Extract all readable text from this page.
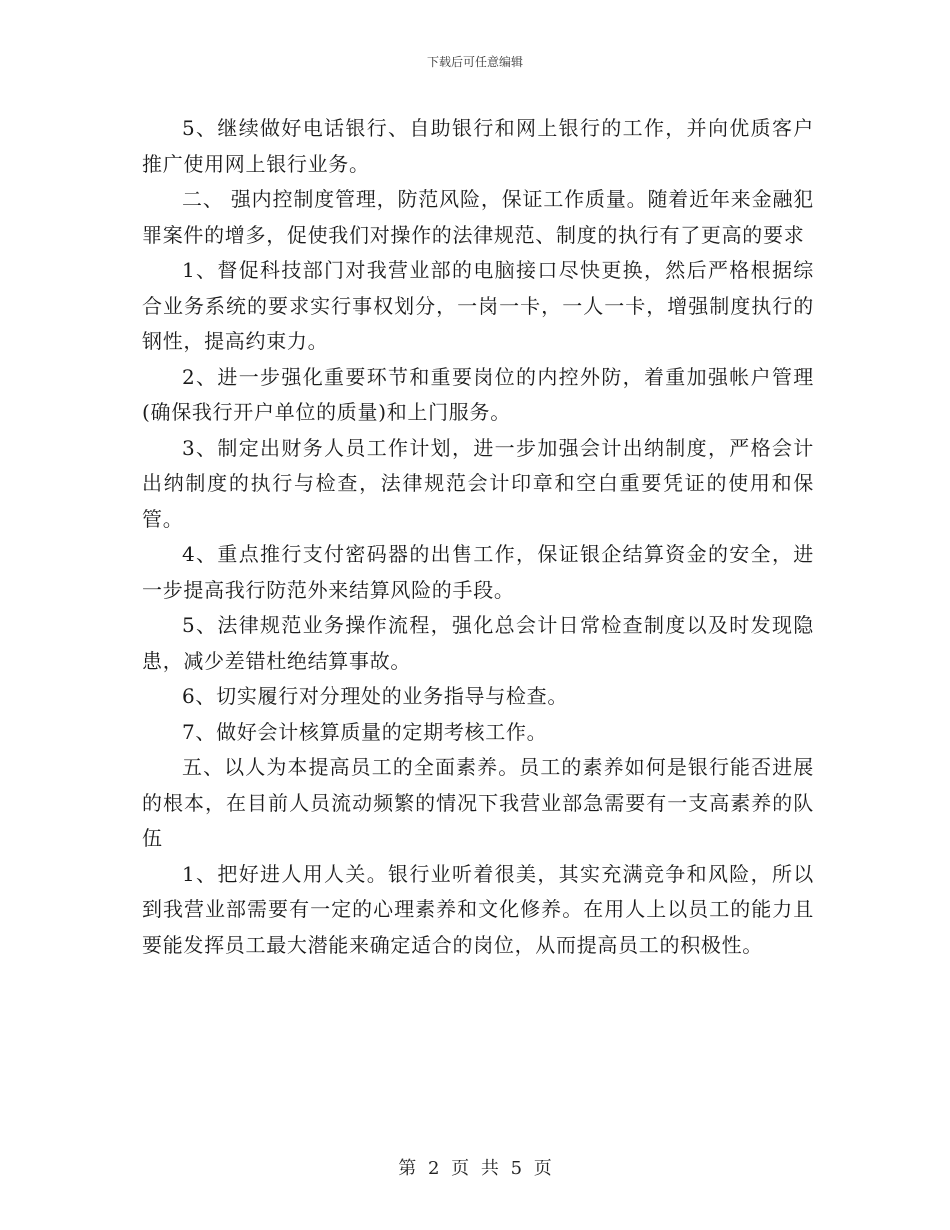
下载后可任意编辑

5、继续做好电话银行、自助银行和网上银行的工作，并向优质客户推广使用网上银行业务。

二、 强内控制度管理，防范风险，保证工作质量。随着近年来金融犯罪案件的增多，促使我们对操作的法律规范、制度的执行有了更高的要求

1、督促科技部门对我营业部的电脑接口尽快更换，然后严格根据综合业务系统的要求实行事权划分，一岗一卡，一人一卡，增强制度执行的钢性，提高约束力。

2、进一步强化重要环节和重要岗位的内控外防，着重加强帐户管理(确保我行开户单位的质量)和上门服务。

3、制定出财务人员工作计划，进一步加强会计出纳制度，严格会计出纳制度的执行与检查，法律规范会计印章和空白重要凭证的使用和保管。

4、重点推行支付密码器的出售工作，保证银企结算资金的安全，进一步提高我行防范外来结算风险的手段。

5、法律规范业务操作流程，强化总会计日常检查制度以及时发现隐患，减少差错杜绝结算事故。

6、切实履行对分理处的业务指导与检查。

7、做好会计核算质量的定期考核工作。

五、以人为本提高员工的全面素养。员工的素养如何是银行能否进展的根本，在目前人员流动频繁的情况下我营业部急需要有一支高素养的队伍

1、把好进人用人关。银行业听着很美，其实充满竞争和风险，所以到我营业部需要有一定的心理素养和文化修养。在用人上以员工的能力且要能发挥员工最大潜能来确定适合的岗位，从而提高员工的积极性。

第 2 页 共 5 页
